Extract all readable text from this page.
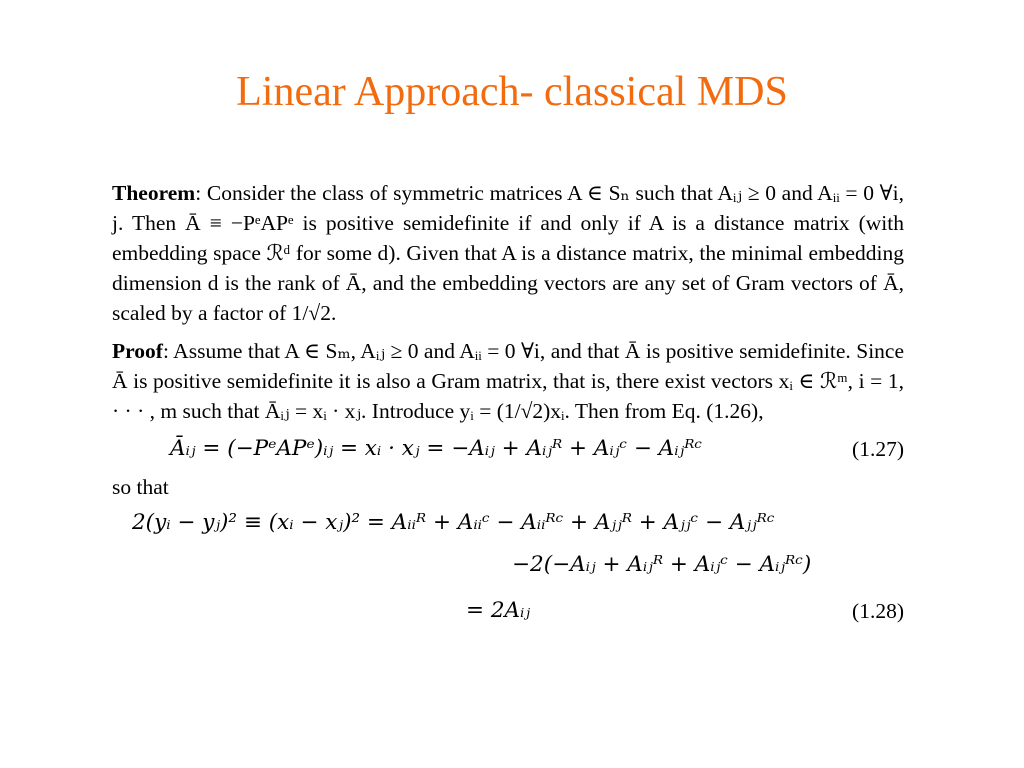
Linear Approach- classical MDS
Theorem: Consider the class of symmetric matrices A ∈ Sₙ such that Aᵢⱼ ≥ 0 and Aᵢᵢ = 0 ∀i, j. Then Ā ≡ −PᵉAPᵉ is positive semidefinite if and only if A is a distance matrix (with embedding space ℛᵈ for some d). Given that A is a distance matrix, the minimal embedding dimension d is the rank of Ā, and the embedding vectors are any set of Gram vectors of Ā, scaled by a factor of 1/√2.
Proof: Assume that A ∈ Sₘ, Aᵢⱼ ≥ 0 and Aᵢᵢ = 0 ∀i, and that Ā is positive semidefinite. Since Ā is positive semidefinite it is also a Gram matrix, that is, there exist vectors xᵢ ∈ ℛᵐ, i = 1, · · · , m such that Āᵢⱼ = xᵢ · xⱼ. Introduce yᵢ = (1/√2)xᵢ. Then from Eq. (1.26),
Āᵢⱼ = (−PᵉAPᵉ)ᵢⱼ = xᵢ · xⱼ = −Aᵢⱼ + Aᵢⱼᴿ + Aᵢⱼᶜ − Aᵢⱼᴿᶜ	(1.27)
so that
2(yᵢ − yⱼ)² ≡ (xᵢ − xⱼ)² = Aᵢᵢᴿ + Aᵢᵢᶜ − Aᵢᵢᴿᶜ + Aⱼⱼᴿ + Aⱼⱼᶜ − Aⱼⱼᴿᶜ
−2(−Aᵢⱼ + Aᵢⱼᴿ + Aᵢⱼᶜ − Aᵢⱼᴿᶜ)
= 2Aᵢⱼ	(1.28)
